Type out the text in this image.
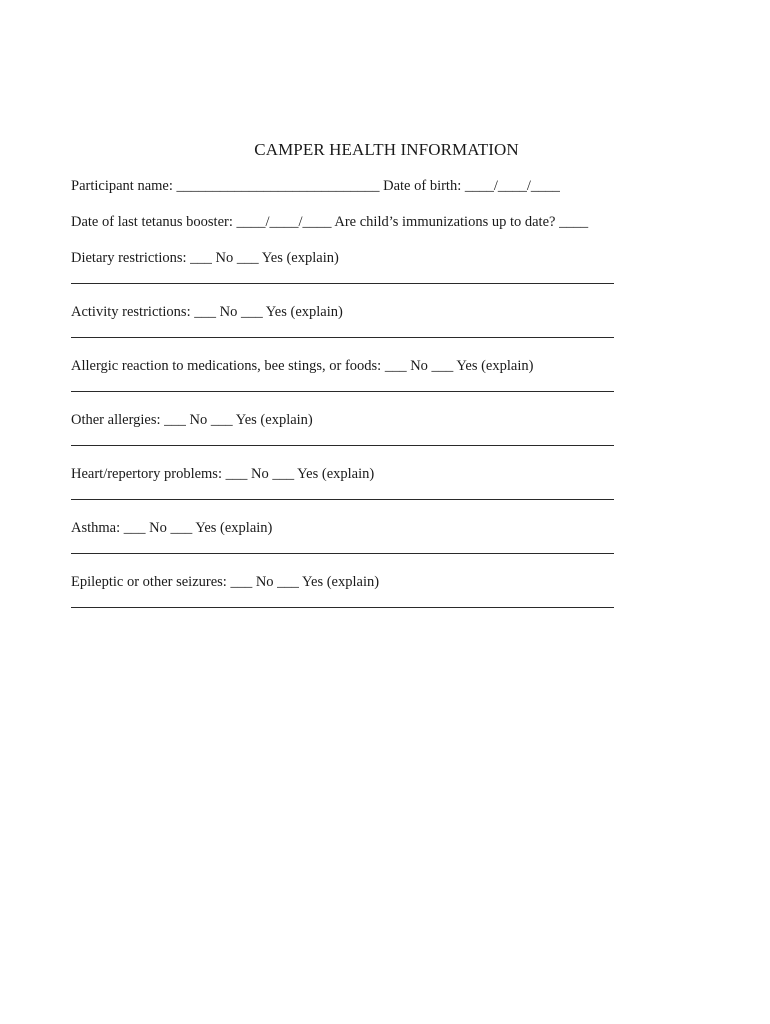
CAMPER HEALTH INFORMATION
Participant name: ____________________________ Date of birth: ____/____/____
Date of last tetanus booster: ____/____/____ Are child’s immunizations up to date? ____
Dietary restrictions: ___ No ___ Yes (explain)
Activity restrictions: ___ No ___ Yes (explain)
Allergic reaction to medications, bee stings, or foods: ___ No ___ Yes (explain)
Other allergies: ___ No ___ Yes (explain)
Heart/repertory problems: ___ No ___ Yes (explain)
Asthma: ___ No ___ Yes (explain)
Epileptic or other seizures: ___ No ___ Yes (explain)
